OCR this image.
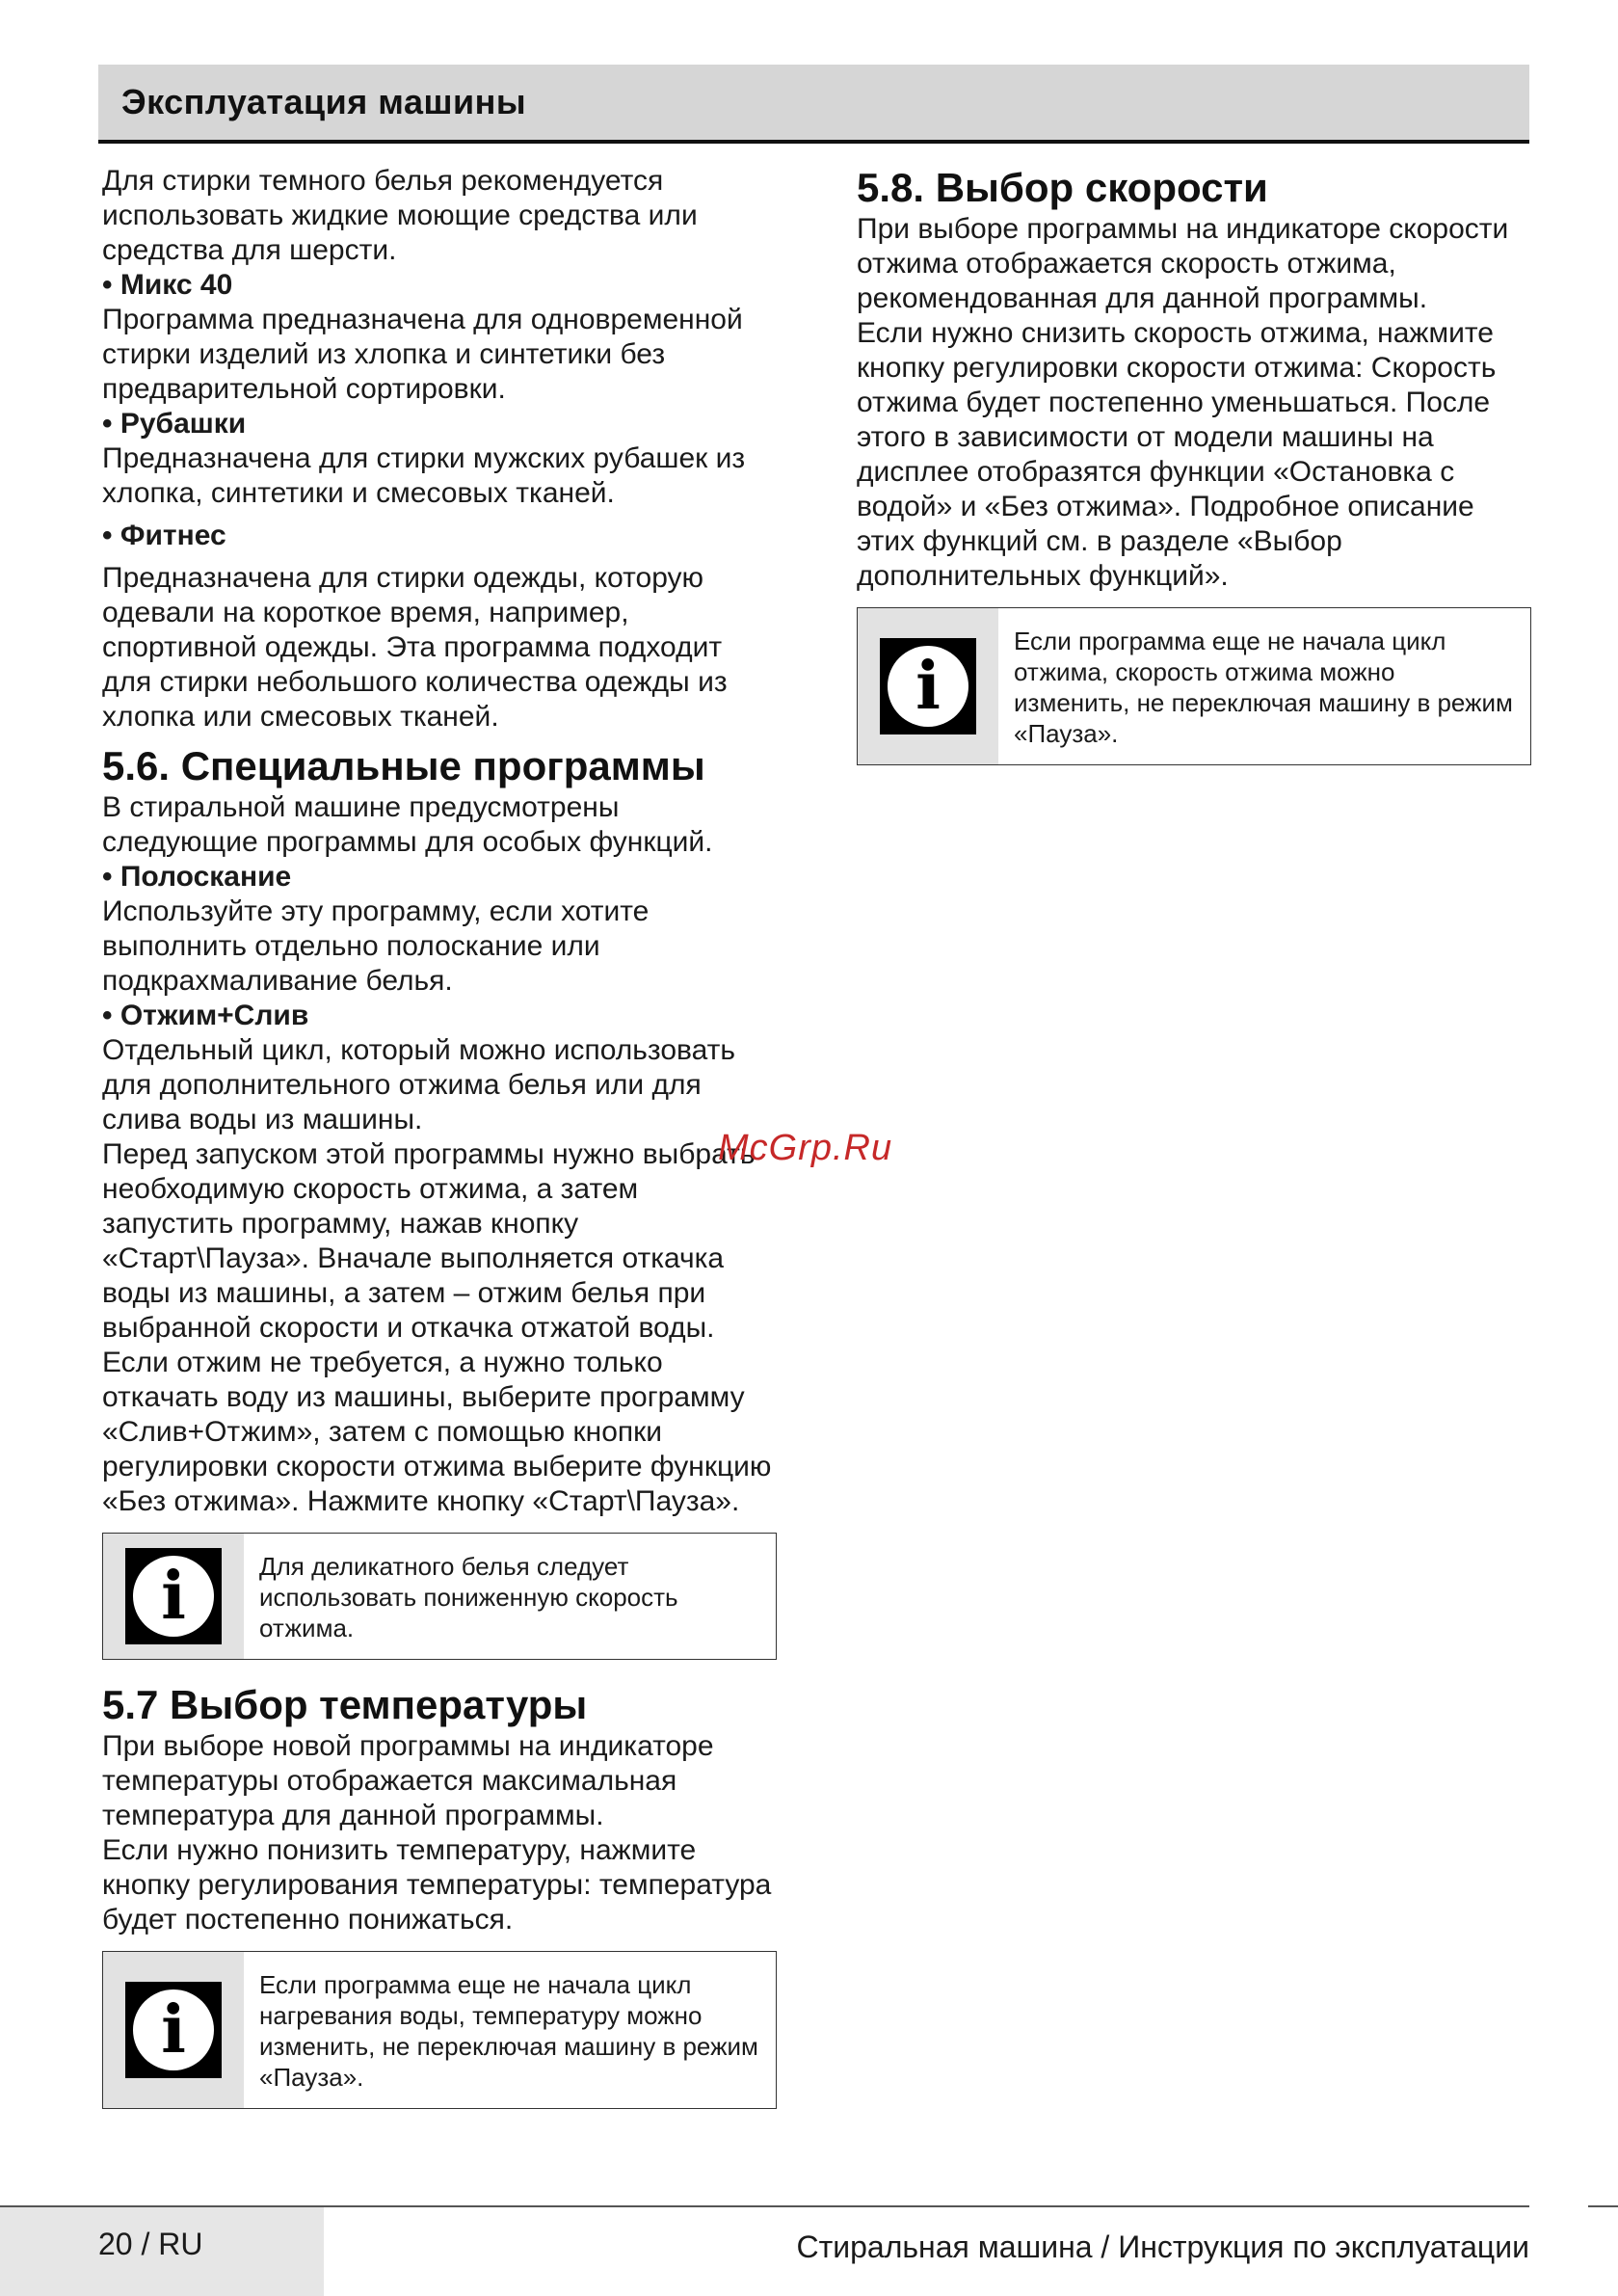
Эксплуатация машины

Для стирки темного белья рекомендуется использовать жидкие моющие средства или средства для шерсти.

• Микс 40

Программа предназначена для одновременной стирки изделий из хлопка и синтетики без предварительной сортировки.

• Рубашки

Предназначена для стирки мужских рубашек из хлопка, синтетики и смесовых тканей.

• Фитнес

Предназначена для стирки одежды, которую одевали на короткое время, например, спортивной одежды. Эта программа подходит для стирки небольшого количества одежды из хлопка или смесовых тканей.

5.6. Специальные программы

В стиральной машине предусмотрены следующие программы для особых функций.

• Полоскание

Используйте эту программу, если хотите выполнить отдельно полоскание или подкрахмаливание белья.

• Отжим+Слив

Отдельный цикл, который можно использовать для дополнительного отжима белья или для слива воды из машины.

Перед запуском этой программы нужно выбрать необходимую скорость отжима, а затем запустить программу, нажав кнопку «Старт\Пауза». Вначале выполняется откачка воды из машины, а затем – отжим белья при выбранной скорости и откачка отжатой воды.

Если отжим не требуется, а нужно только откачать воду из машины, выберите программу «Слив+Отжим», затем с помощью кнопки регулировки скорости отжима выберите функцию «Без отжима». Нажмите кнопку «Старт\Пауза».

i	Для деликатного белья следует использовать пониженную скорость отжима.
5.7 Выбор температуры

При выборе новой программы на индикаторе температуры отображается максимальная температура для данной программы.

Если нужно понизить температуру, нажмите кнопку регулирования температуры: температура будет постепенно понижаться.

i
Если программа еще не начала цикл нагревания воды, температуру можно изменить, не переключая машину в режим «Пауза».
5.8. Выбор скорости

При выборе программы на индикаторе скорости отжима отображается скорость отжима, рекомендованная для данной программы.

Если нужно снизить скорость отжима, нажмите кнопку регулировки скорости отжима: Скорость отжима будет постепенно уменьшаться. После этого в зависимости от модели машины на дисплее отобразятся функции «Остановка с водой» и «Без отжима». Подробное описание этих функций см. в разделе «Выбор дополнительных функций».

i
Если программа еще не начала цикл отжима, скорость отжима можно изменить, не переключая машину в режим «Пауза».
McGrp.Ru
20 / RU	Стиральная машина / Инструкция по эксплуатации
